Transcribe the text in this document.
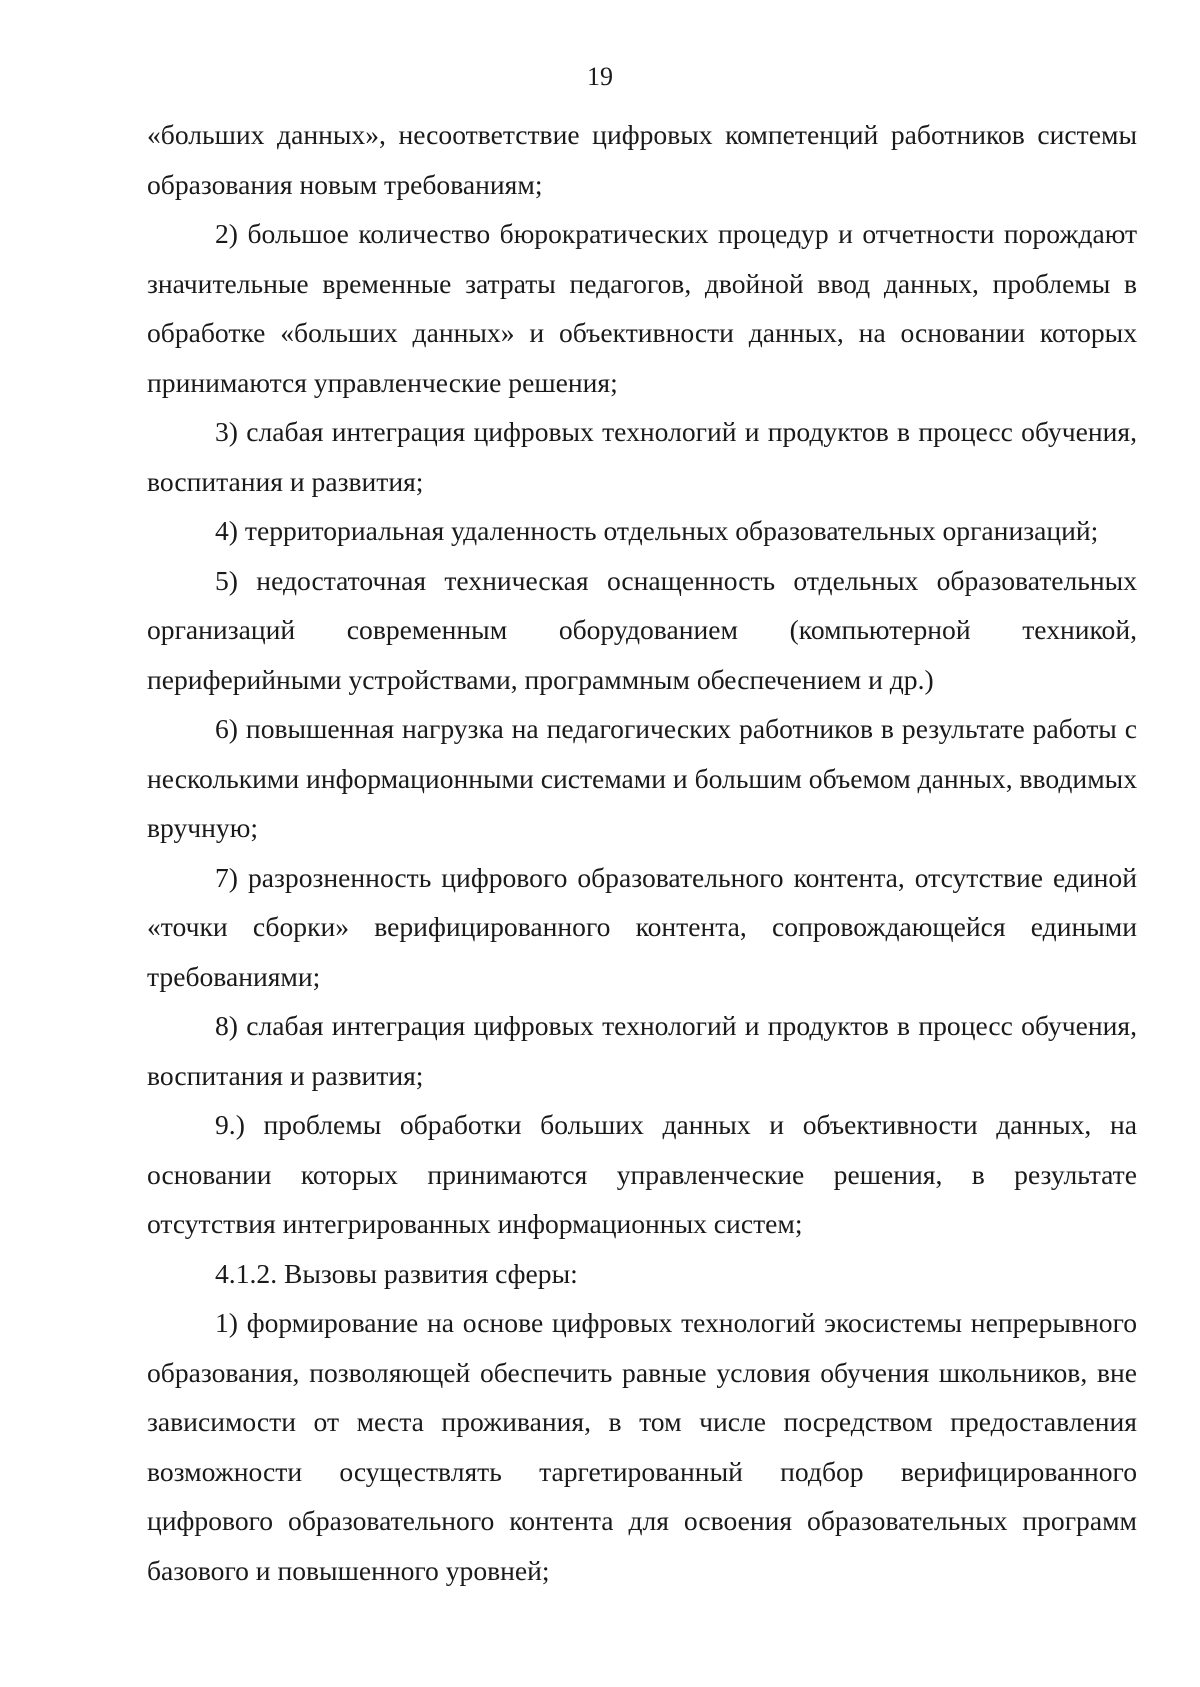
19

«больших данных», несоответствие цифровых компетенций работников системы образования новым требованиям;

2) большое количество бюрократических процедур и отчетности порождают значительные временные затраты педагогов, двойной ввод данных, проблемы в обработке «больших данных» и объективности данных, на основании которых принимаются управленческие решения;

3) слабая интеграция цифровых технологий и продуктов в процесс обучения, воспитания и развития;

4) территориальная удаленность отдельных образовательных организаций;

5) недостаточная техническая оснащенность отдельных образовательных организаций современным оборудованием (компьютерной техникой, периферийными устройствами, программным обеспечением и др.)

6) повышенная нагрузка на педагогических работников в результате работы с несколькими информационными системами и большим объемом данных, вводимых вручную;

7) разрозненность цифрового образовательного контента, отсутствие единой «точки сборки» верифицированного контента, сопровождающейся едиными требованиями;

8) слабая интеграция цифровых технологий и продуктов в процесс обучения, воспитания и развития;

9.) проблемы обработки больших данных и объективности данных, на основании которых принимаются управленческие решения, в результате отсутствия интегрированных информационных систем;

4.1.2. Вызовы развития сферы:

1) формирование на основе цифровых технологий экосистемы непрерывного образования, позволяющей обеспечить равные условия обучения школьников, вне зависимости от места проживания, в том числе посредством предоставления возможности осуществлять таргетированный подбор верифицированного цифрового образовательного контента для освоения образовательных программ базового и повышенного уровней;
